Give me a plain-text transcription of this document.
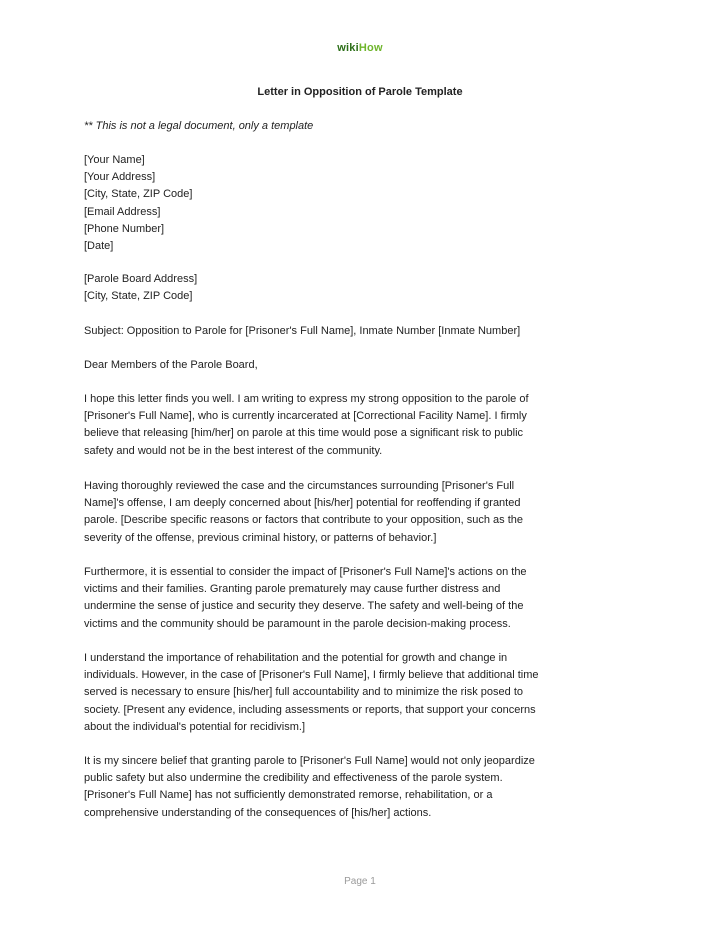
wikiHow
Letter in Opposition of Parole Template
** This is not a legal document, only a template
[Your Name]
[Your Address]
[City, State, ZIP Code]
[Email Address]
[Phone Number]
[Date]
[Parole Board Address]
[City, State, ZIP Code]
Subject: Opposition to Parole for [Prisoner's Full Name], Inmate Number [Inmate Number]
Dear Members of the Parole Board,
I hope this letter finds you well. I am writing to express my strong opposition to the parole of
[Prisoner's Full Name], who is currently incarcerated at [Correctional Facility Name]. I firmly
believe that releasing [him/her] on parole at this time would pose a significant risk to public
safety and would not be in the best interest of the community.
Having thoroughly reviewed the case and the circumstances surrounding [Prisoner's Full
Name]'s offense, I am deeply concerned about [his/her] potential for reoffending if granted
parole. [Describe specific reasons or factors that contribute to your opposition, such as the
severity of the offense, previous criminal history, or patterns of behavior.]
Furthermore, it is essential to consider the impact of [Prisoner's Full Name]'s actions on the
victims and their families. Granting parole prematurely may cause further distress and
undermine the sense of justice and security they deserve. The safety and well-being of the
victims and the community should be paramount in the parole decision-making process.
I understand the importance of rehabilitation and the potential for growth and change in
individuals. However, in the case of [Prisoner's Full Name], I firmly believe that additional time
served is necessary to ensure [his/her] full accountability and to minimize the risk posed to
society. [Present any evidence, including assessments or reports, that support your concerns
about the individual's potential for recidivism.]
It is my sincere belief that granting parole to [Prisoner's Full Name] would not only jeopardize
public safety but also undermine the credibility and effectiveness of the parole system.
[Prisoner's Full Name] has not sufficiently demonstrated remorse, rehabilitation, or a
comprehensive understanding of the consequences of [his/her] actions.
Page 1
